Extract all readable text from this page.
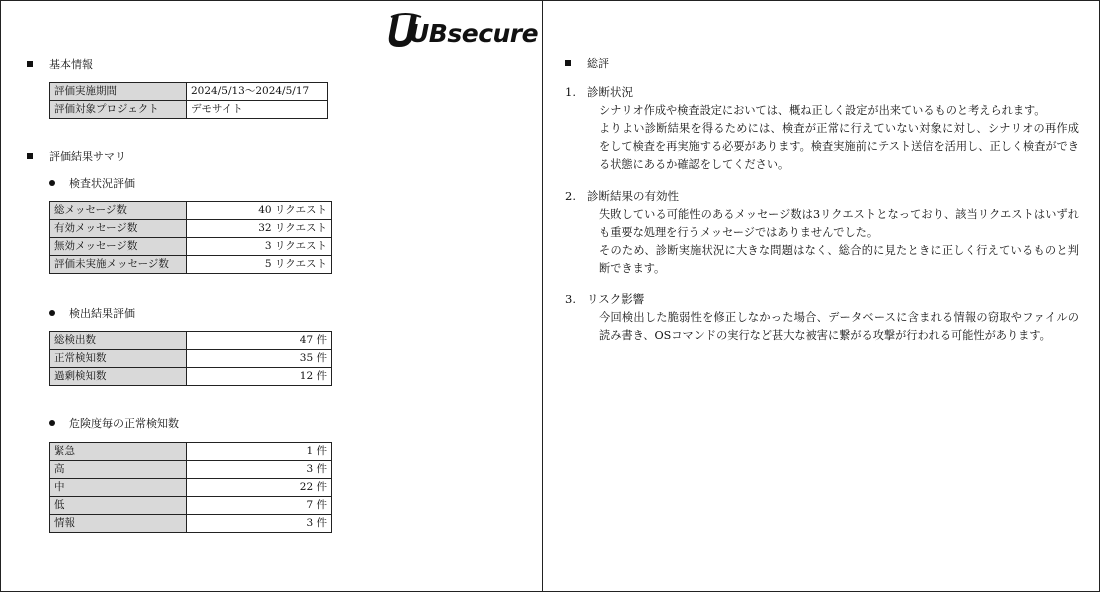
UBsecure
基本情報
評価実施期間	2024/5/13～2024/5/17
評価対象プロジェクト	デモサイト
評価結果サマリ
検査状況評価
総メッセージ数	40 リクエスト
有効メッセージ数	32 リクエスト
無効メッセージ数	3 リクエスト
評価未実施メッセージ数	5 リクエスト
検出結果評価
総検出数	47 件
正常検知数	35 件
過剰検知数	12 件
危険度毎の正常検知数
緊急	1 件
高	3 件
中	22 件
低	7 件
情報	3 件
総評
1. 診断状況

シナリオ作成や検査設定においては、概ね正しく設定が出来ているものと考えられます。

よりよい診断結果を得るためには、検査が正常に行えていない対象に対し、シナリオの再作成をして検査を再実施する必要があります。検査実施前にテスト送信を活用し、正しく検査ができる状態にあるか確認をしてください。

2. 診断結果の有効性

失敗している可能性のあるメッセージ数は3リクエストとなっており、該当リクエストはいずれも重要な処理を行うメッセージではありませんでした。

そのため、診断実施状況に大きな問題はなく、総合的に見たときに正しく行えているものと判断できます。

3. リスク影響

今回検出した脆弱性を修正しなかった場合、データベースに含まれる情報の窃取やファイルの読み書き、OSコマンドの実行など甚大な被害に繋がる攻撃が行われる可能性があります。
